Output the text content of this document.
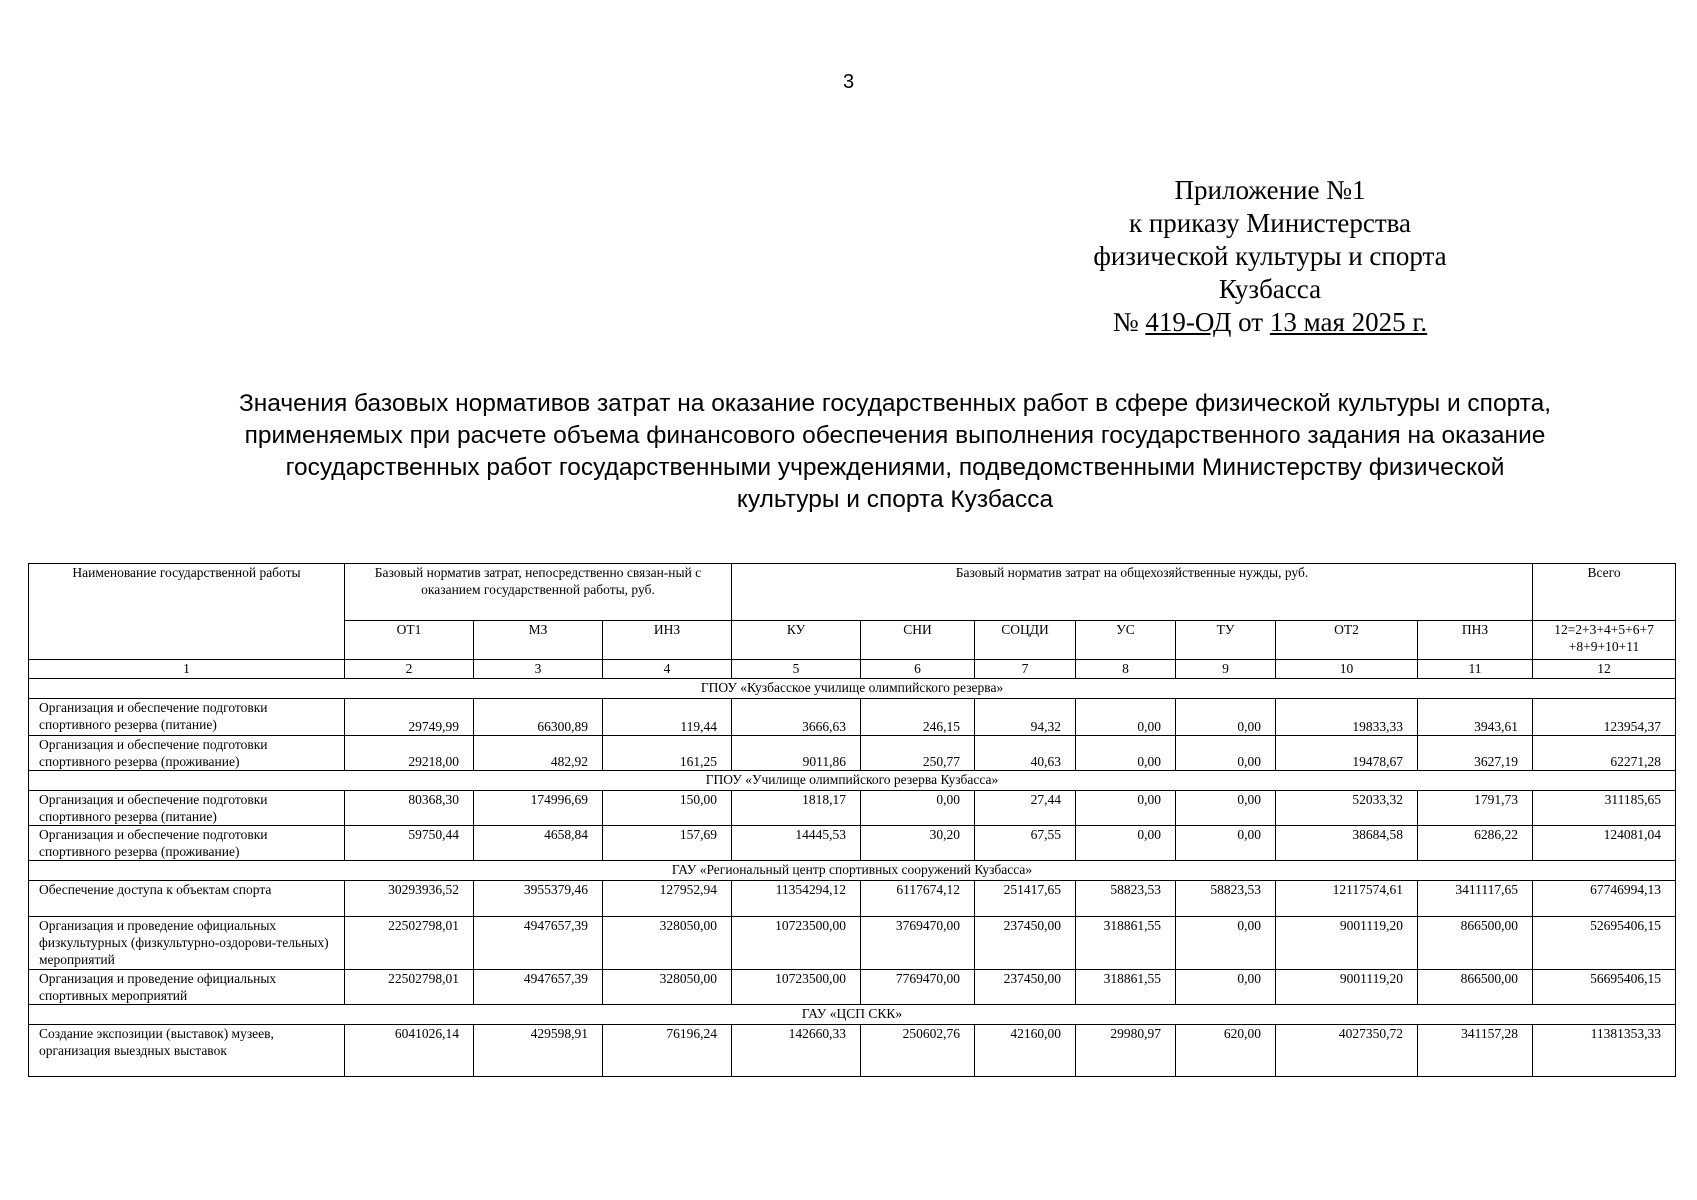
3
Приложение №1
к приказу Министерства
физической культуры и спорта
Кузбасса
№ 419-ОД от 13 мая 2025 г.
Значения базовых нормативов затрат на оказание государственных работ в сфере физической культуры и спорта,
применяемых при расчете объема финансового обеспечения выполнения государственного задания на оказание
государственных работ государственными учреждениями, подведомственными Министерству физической
культуры и спорта Кузбасса
Наименование государственной работы	Базовый норматив затрат, непосредственно связан-ный с оказанием государственной работы, руб.			Базовый норматив затрат на общехозяйственные нужды, руб.							Всего
	ОТ1	МЗ	ИНЗ	КУ	СНИ	СОЦДИ	УС	ТУ	ОТ2	ПНЗ	12=2+3+4+5+6+7 +8+9+10+11
1	2	3	4	5	6	7	8	9	10	11	12
ГПОУ «Кузбасское училище олимпийского резерва»											
Организация и обеспечение подготовки спортивного резерва (питание)	29749,99	66300,89	119,44	3666,63	246,15	94,32	0,00	0,00	19833,33	3943,61	123954,37
Организация и обеспечение подготовки спортивного резерва (проживание)	29218,00	482,92	161,25	9011,86	250,77	40,63	0,00	0,00	19478,67	3627,19	62271,28
ГПОУ «Училище олимпийского резерва Кузбасса»											
Организация и обеспечение подготовки спортивного резерва (питание)	80368,30	174996,69	150,00	1818,17	0,00	27,44	0,00	0,00	52033,32	1791,73	311185,65
Организация и обеспечение подготовки спортивного резерва (проживание)	59750,44	4658,84	157,69	14445,53	30,20	67,55	0,00	0,00	38684,58	6286,22	124081,04
ГАУ «Региональный центр спортивных сооружений Кузбасса»											
Обеспечение доступа к объектам спорта	30293936,52	3955379,46	127952,94	11354294,12	6117674,12	251417,65	58823,53	58823,53	12117574,61	3411117,65	67746994,13
Организация и проведение официальных физкультурных (физкультурно-оздорови-тельных) мероприятий	22502798,01	4947657,39	328050,00	10723500,00	3769470,00	237450,00	318861,55	0,00	9001119,20	866500,00	52695406,15
Организация и проведение официальных спортивных мероприятий	22502798,01	4947657,39	328050,00	10723500,00	7769470,00	237450,00	318861,55	0,00	9001119,20	866500,00	56695406,15
ГАУ «ЦСП СКК»											
Создание экспозиции (выставок) музеев, организация выездных выставок	6041026,14	429598,91	76196,24	142660,33	250602,76	42160,00	29980,97	620,00	4027350,72	341157,28	11381353,33
